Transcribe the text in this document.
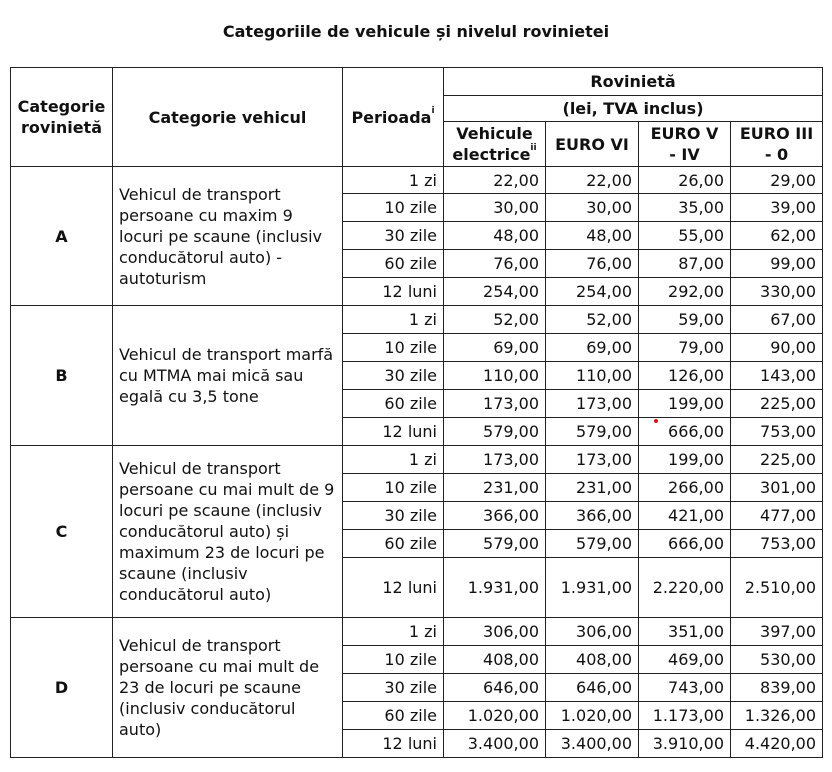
Categoriile de vehicule și nivelul rovinietei
Categorie rovinietă	Categorie vehicul	Perioada$^i$	Rovinietă			
			(lei, TVA inclus)			
			Vehicule electrice$^{ii}$	EURO VI	EURO V - IV	EURO III - 0
A	Vehicul de transport persoane cu maxim 9 locuri pe scaune (inclusiv conducătorul auto) - autoturism	1 zi	22,00	22,00	26,00	29,00
		10 zile	30,00	30,00	35,00	39,00
		30 zile	48,00	48,00	55,00	62,00
		60 zile	76,00	76,00	87,00	99,00
		12 luni	254,00	254,00	292,00	330,00
B	Vehicul de transport marfă cu MTMA mai mică sau egală cu 3,5 tone	1 zi	52,00	52,00	59,00	67,00
		10 zile	69,00	69,00	79,00	90,00
		30 zile	110,00	110,00	126,00	143,00
		60 zile	173,00	173,00	199,00	225,00
		12 luni	579,00	579,00	666,00	753,00
C	Vehicul de transport persoane cu mai mult de 9 locuri pe scaune (inclusiv conducătorul auto) și maximum 23 de locuri pe scaune (inclusiv conducătorul auto)	1 zi	173,00	173,00	199,00	225,00
		10 zile	231,00	231,00	266,00	301,00
		30 zile	366,00	366,00	421,00	477,00
		60 zile	579,00	579,00	666,00	753,00
		12 luni	1.931,00	1.931,00	2.220,00	2.510,00
D	Vehicul de transport persoane cu mai mult de 23 de locuri pe scaune (inclusiv conducătorul auto)	1 zi	306,00	306,00	351,00	397,00
		10 zile	408,00	408,00	469,00	530,00
		30 zile	646,00	646,00	743,00	839,00
		60 zile	1.020,00	1.020,00	1.173,00	1.326,00
		12 luni	3.400,00	3.400,00	3.910,00	4.420,00
